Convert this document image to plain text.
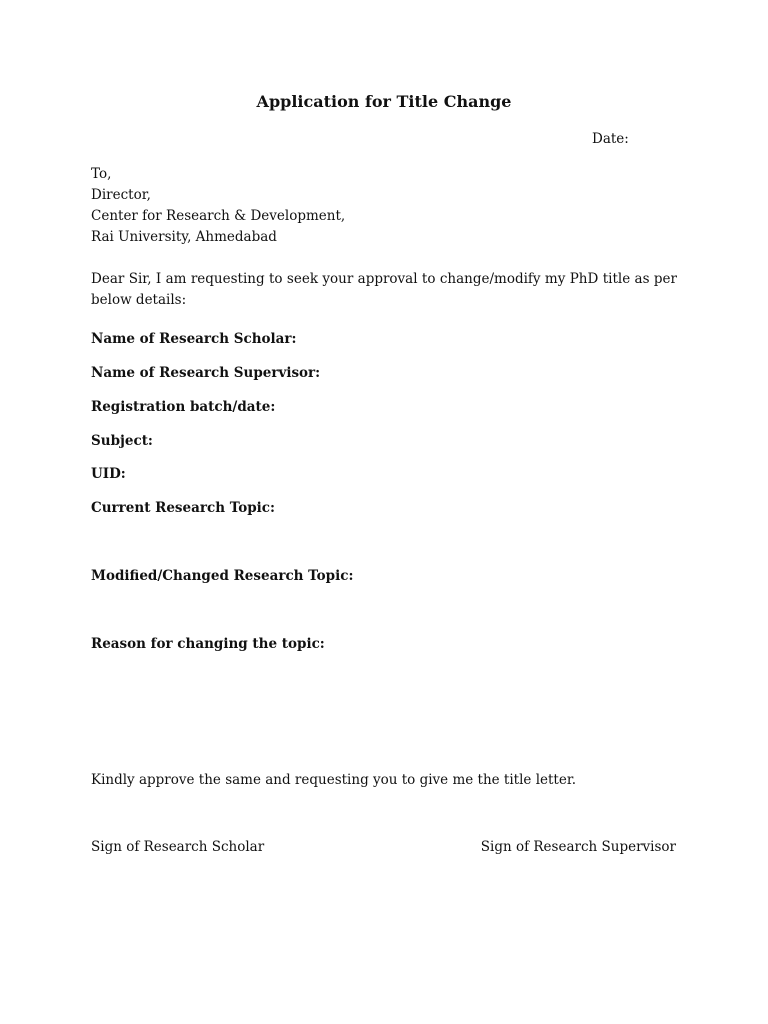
Application for Title Change
Date:
To,
Director,
Center for Research & Development,
Rai University, Ahmedabad
Dear Sir, I am requesting to seek your approval to change/modify my PhD title as per below details:
Name of Research Scholar:
Name of Research Supervisor:
Registration batch/date:
Subject:
UID:
Current Research Topic:
Modified/Changed Research Topic:
Reason for changing the topic:
Kindly approve the same and requesting you to give me the title letter.
Sign of Research Scholar	Sign of Research Supervisor
